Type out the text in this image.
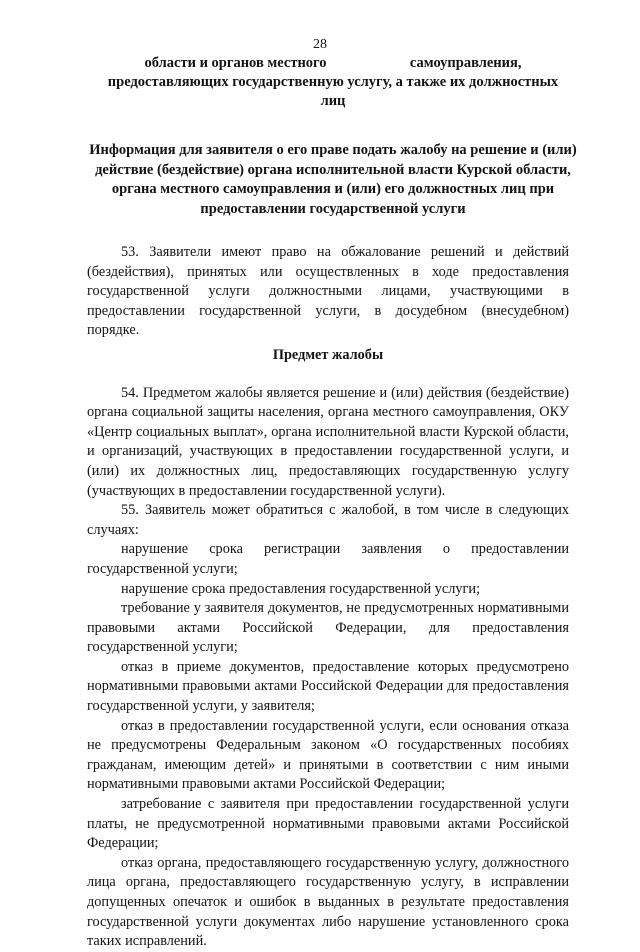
28
области и органов местного                       самоуправления,
предоставляющих государственную услугу, а также их должностных
лиц
Информация для заявителя о его праве подать жалобу на решение и (или) действие (бездействие) органа исполнительной власти Курской области, органа местного самоуправления и (или) его должностных лиц при предоставлении государственной услуги

53. Заявители имеют право на обжалование решений и действий (бездействия), принятых или осуществленных в ходе предоставления государственной услуги должностными лицами, участвующими в предоставлении государственной услуги, в досудебном (внесудебном) порядке.

Предмет жалобы

54. Предметом жалобы является решение и (или) действия (бездействие) органа социальной защиты населения, органа местного самоуправления, ОКУ «Центр социальных выплат», органа исполнительной власти Курской области, и организаций, участвующих в предоставлении государственной услуги, и (или) их должностных лиц, предоставляющих государственную услугу (участвующих в предоставлении государственной услуги).

55. Заявитель может обратиться с жалобой, в том числе в следующих случаях:

нарушение срока регистрации заявления о предоставлении государственной услуги;

нарушение срока предоставления государственной услуги;

требование у заявителя документов, не предусмотренных нормативными правовыми актами Российской Федерации, для предоставления государственной услуги;

отказ в приеме документов, предоставление которых предусмотрено нормативными правовыми актами Российской Федерации для предоставления государственной услуги, у заявителя;

отказ в предоставлении государственной услуги, если основания отказа не предусмотрены Федеральным законом «О государственных пособиях гражданам, имеющим детей» и принятыми в соответствии с ним иными нормативными правовыми актами Российской Федерации;

затребование с заявителя при предоставлении государственной услуги платы, не предусмотренной нормативными правовыми актами Российской Федерации;

отказ органа, предоставляющего государственную услугу, должностного лица органа, предоставляющего государственную услугу, в исправлении допущенных опечаток и ошибок в выданных в результате предоставления государственной услуги документах либо нарушение установленного срока таких исправлений.
